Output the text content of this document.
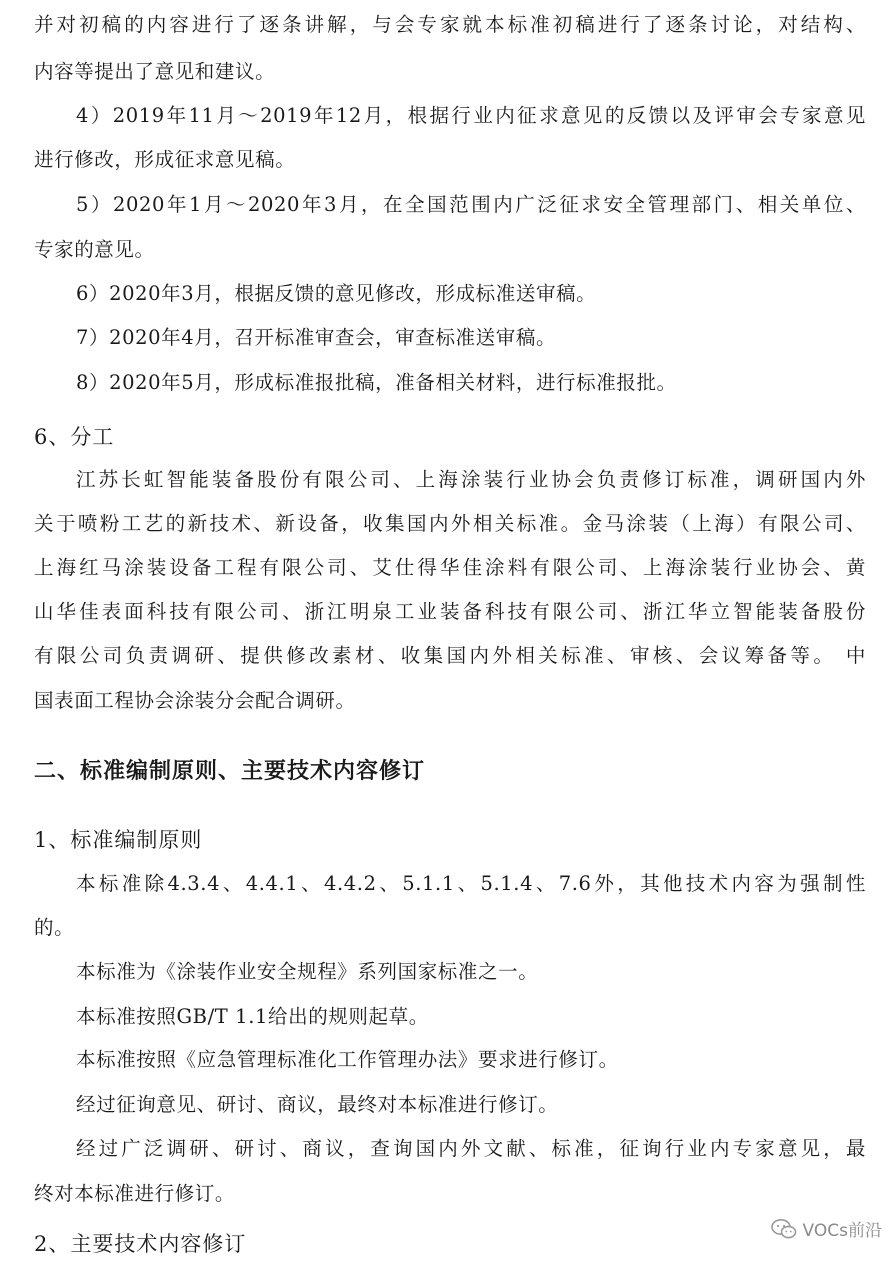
并对初稿的内容进行了逐条讲解，与会专家就本标准初稿进行了逐条讨论，对结构、
内容等提出了意见和建议。
4）2019年11月～2019年12月，根据行业内征求意见的反馈以及评审会专家意见
进行修改，形成征求意见稿。
5）2020年1月～2020年3月，在全国范围内广泛征求安全管理部门、相关单位、
专家的意见。
6）2020年3月，根据反馈的意见修改，形成标准送审稿。
7）2020年4月，召开标准审查会，审查标准送审稿。
8）2020年5月，形成标准报批稿，准备相关材料，进行标准报批。
6、分工
江苏长虹智能装备股份有限公司、上海涂装行业协会负责修订标准，调研国内外
关于喷粉工艺的新技术、新设备，收集国内外相关标准。金马涂装（上海）有限公司、
上海红马涂装设备工程有限公司、艾仕得华佳涂料有限公司、上海涂装行业协会、黄
山华佳表面科技有限公司、浙江明泉工业装备科技有限公司、浙江华立智能装备股份
有限公司负责调研、提供修改素材、收集国内外相关标准、审核、会议筹备等。 中
国表面工程协会涂装分会配合调研。
二、标准编制原则、主要技术内容修订
1、标准编制原则
本标准除4.3.4、4.4.1、4.4.2、5.1.1、5.1.4、7.6外，其他技术内容为强制性
的。
本标准为《涂装作业安全规程》系列国家标准之一。
本标准按照GB/T 1.1给出的规则起草。
本标准按照《应急管理标准化工作管理办法》要求进行修订。
经过征询意见、研讨、商议，最终对本标准进行修订。
经过广泛调研、研讨、商议，查询国内外文献、标准，征询行业内专家意见，最
终对本标准进行修订。
2、主要技术内容修订
VOCs前沿
